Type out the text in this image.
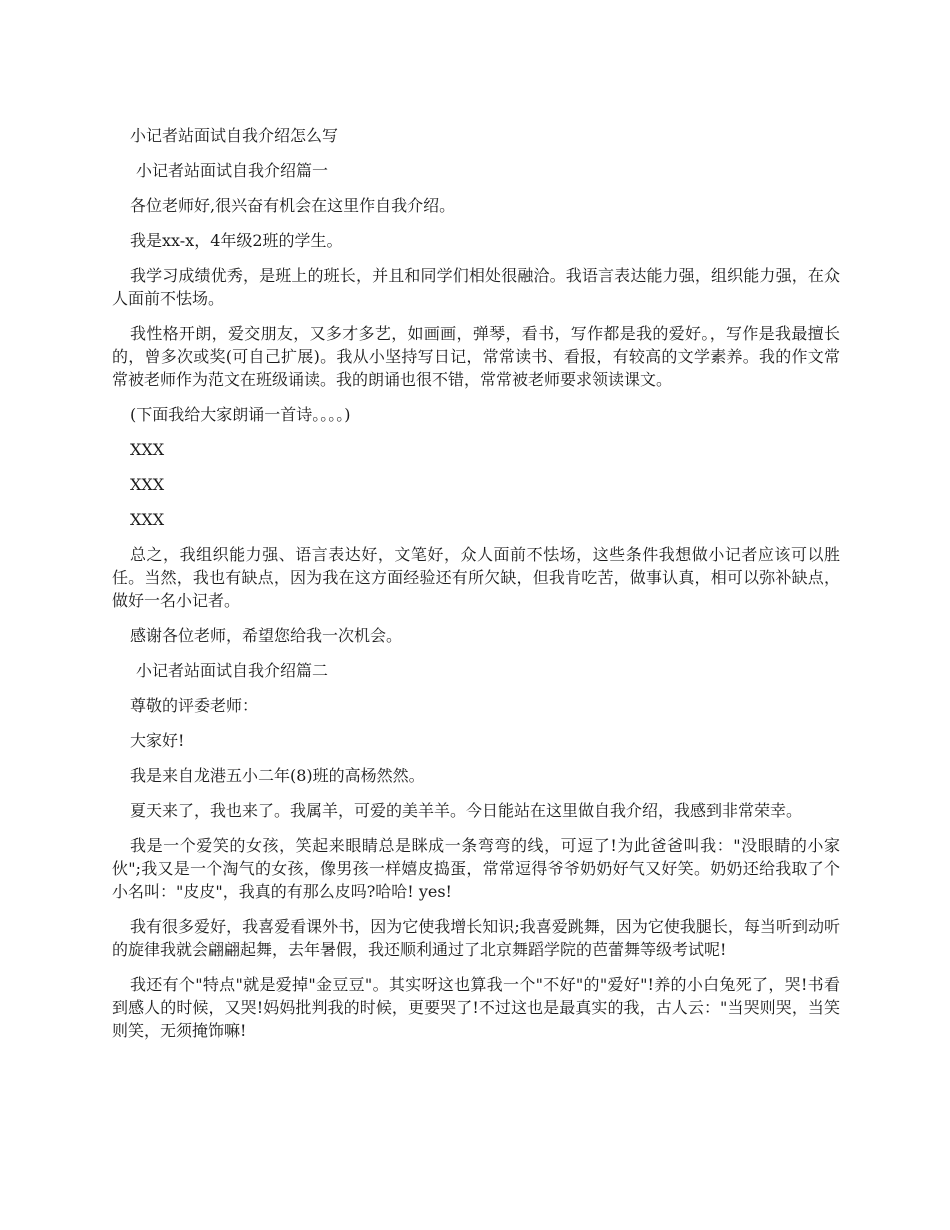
小记者站面试自我介绍怎么写

小记者站面试自我介绍篇一

各位老师好,很兴奋有机会在这里作自我介绍。

我是xx-x，4年级2班的学生。

我学习成绩优秀，是班上的班长，并且和同学们相处很融洽。我语言表达能力强，组织能力强，在众人面前不怯场。

我性格开朗，爱交朋友，又多才多艺，如画画，弹琴，看书，写作都是我的爱好。，写作是我最擅长的，曾多次或奖(可自己扩展)。我从小坚持写日记，常常读书、看报，有较高的文学素养。我的作文常常被老师作为范文在班级诵读。我的朗诵也很不错，常常被老师要求领读课文。

(下面我给大家朗诵一首诗。。。。)

XXX

XXX

XXX

总之，我组织能力强、语言表达好，文笔好，众人面前不怯场，这些条件我想做小记者应该可以胜任。当然，我也有缺点，因为我在这方面经验还有所欠缺，但我肯吃苦，做事认真，相可以弥补缺点，做好一名小记者。

感谢各位老师，希望您给我一次机会。

小记者站面试自我介绍篇二

尊敬的评委老师：

大家好!

我是来自龙港五小二年(8)班的高杨然然。

夏天来了，我也来了。我属羊，可爱的美羊羊。今日能站在这里做自我介绍，我感到非常荣幸。

我是一个爱笑的女孩，笑起来眼睛总是眯成一条弯弯的线，可逗了!为此爸爸叫我："没眼睛的小家伙";我又是一个淘气的女孩，像男孩一样嬉皮捣蛋，常常逗得爷爷奶奶好气又好笑。奶奶还给我取了个小名叫："皮皮"，我真的有那么皮吗?哈哈! yes!

我有很多爱好，我喜爱看课外书，因为它使我增长知识;我喜爱跳舞，因为它使我腿长，每当听到动听的旋律我就会翩翩起舞，去年暑假，我还顺利通过了北京舞蹈学院的芭蕾舞等级考试呢!

我还有个"特点"就是爱掉"金豆豆"。其实呀这也算我一个"不好"的"爱好"!养的小白兔死了，哭!书看到感人的时候，又哭!妈妈批判我的时候，更要哭了!不过这也是最真实的我，古人云："当哭则哭，当笑则笑，无须掩饰嘛!
